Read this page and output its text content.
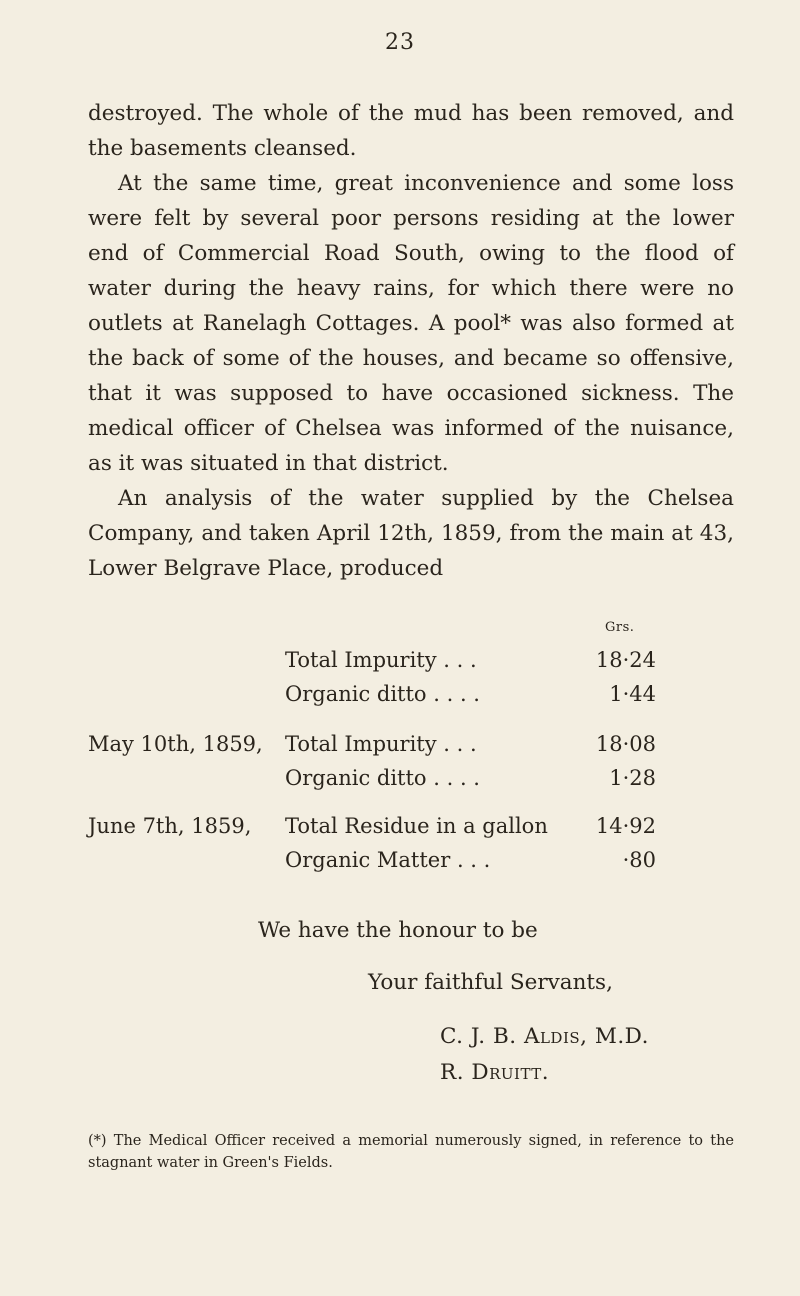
23

destroyed. The whole of the mud has been removed, and the basements cleansed.

At the same time, great inconvenience and some loss were felt by several poor persons residing at the lower end of Commercial Road South, owing to the flood of water during the heavy rains, for which there were no outlets at Ranelagh Cottages. A pool* was also formed at the back of some of the houses, and became so offensive, that it was supposed to have occasioned sickness. The medical officer of Chelsea was informed of the nuisance, as it was situated in that district.

An analysis of the water supplied by the Chelsea Company, and taken April 12th, 1859, from the main at 43, Lower Belgrave Place, produced

Grs.
Total Impurity . . .	18·24
Organic ditto . . . .	1·44
May 10th, 1859, Total Impurity . . .	18·08
Organic ditto . . . .	1·28
June 7th, 1859, Total Residue in a gallon	14·92
Organic Matter . . .	·80
We have the honour to be
Your faithful Servants,
C. J. B. Aldis, M.D.
R. Druitt.
(*) The Medical Officer received a memorial numerously signed, in reference to the stagnant water in Green's Fields.
